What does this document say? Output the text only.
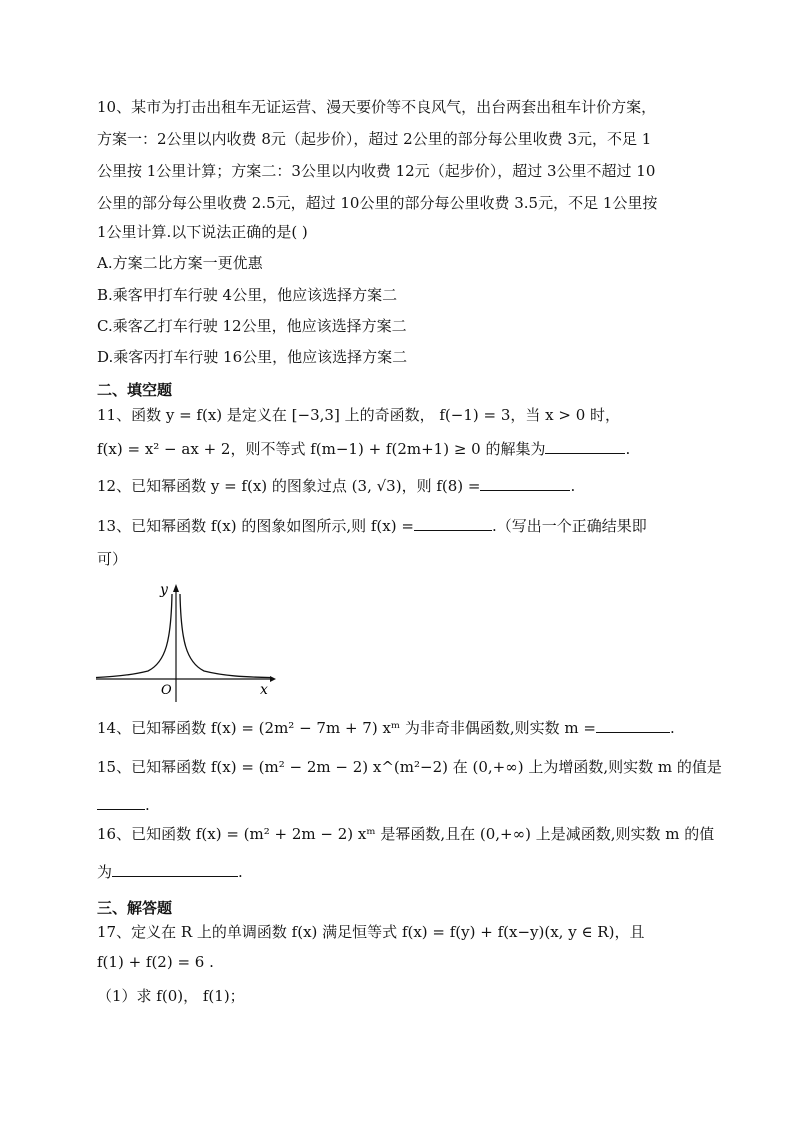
10、某市为打击出租车无证运营、漫天要价等不良风气，出台两套出租车计价方案，
方案一：2公里以内收费 8元（起步价），超过 2公里的部分每公里收费 3元，不足 1
公里按 1公里计算；方案二：3公里以内收费 12元（起步价），超过 3公里不超过 10
公里的部分每公里收费 2.5元，超过 10公里的部分每公里收费 3.5元，不足 1公里按
1公里计算.以下说法正确的是( )
A.方案二比方案一更优惠
B.乘客甲打车行驶 4公里，他应该选择方案二
C.乘客乙打车行驶 12公里，他应该选择方案二
D.乘客丙打车行驶 16公里，他应该选择方案二
二、填空题
11、函数 y = f(x) 是定义在 [−3,3] 上的奇函数， f(−1) = 3，当 x > 0 时，
f(x) = x² − ax + 2，则不等式 f(m−1) + f(2m+1) ≥ 0 的解集为	.
12、已知幂函数 y = f(x) 的图象过点 (3, √3)，则 f(8) =	.
13、已知幂函数 f(x) 的图象如图所示,则 f(x) =	.（写出一个正确结果即
可）
y
x
O
14、已知幂函数 f(x) = (2m² − 7m + 7) xᵐ 为非奇非偶函数,则实数 m =	.
15、已知幂函数 f(x) = (m² − 2m − 2) x^(m²−2) 在 (0,+∞) 上为增函数,则实数 m 的值是
.
16、已知函数 f(x) = (m² + 2m − 2) xᵐ 是幂函数,且在 (0,+∞) 上是减函数,则实数 m 的值
为	.
三、解答题
17、定义在 R 上的单调函数 f(x) 满足恒等式 f(x) = f(y) + f(x−y)(x, y ∈ R)，且
f(1) + f(2) = 6 .
（1）求 f(0)， f(1)；
